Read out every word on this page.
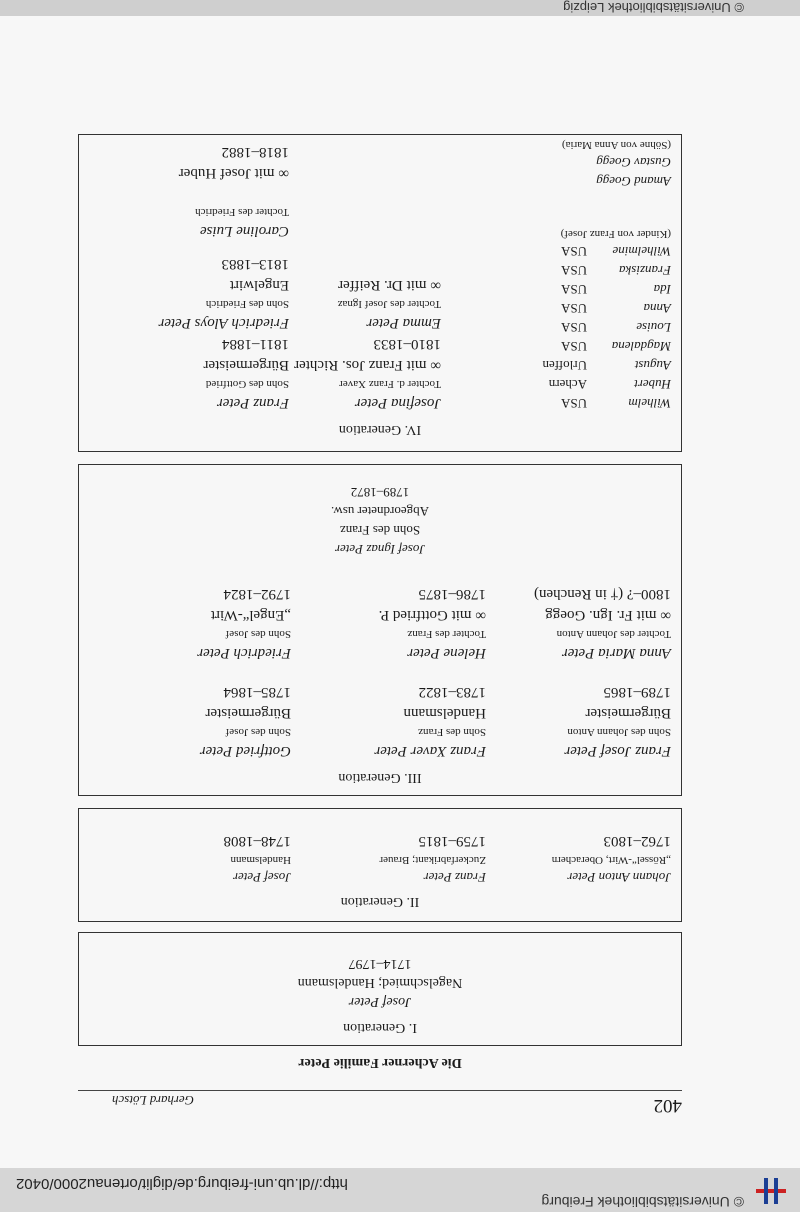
© Universitätsbibliothek Freiburg
http://dl.ub.uni-freiburg.de/diglit/ortenau2000/0402
402
Gerhard Lötsch
Die Acherner Familie Peter
I. Generation
Josef Peter
Nagelschmied; Handelsmann
1714–1797
II. Generation
Johann Anton Peter
„Rössel“-Wirt, Oberachern
1762–1803
Franz Peter
Zuckerfabrikant; Brauer
1759–1815
Josef Peter
Handelsmann
1748–1808
III. Generation
Franz Josef Peter
Sohn des Johann Anton
Bürgermeister
1789–1865
Anna Maria Peter
Tochter des Johann Anton
∞ mit Fr. Ign. Goegg
1800–? († in Renchen)
Franz Xaver Peter
Sohn des Franz
Handelsmann
1783–1822
Helene Peter
Tochter des Franz
∞ mit Gottfried P.
1786–1875
Gottfried Peter
Sohn des Josef
Bürgermeister
1785–1864
Friedrich Peter
Sohn des Josef
„Engel“-Wirt
1792–1824
Josef Ignaz Peter
Sohn des Franz
Abgeordneter usw.
1789–1872
IV. Generation
Wilhelm
USA
Hubert
Achern
August
Urloffen
Magdalena
USA
Louise
USA
Anna
USA
Ida
USA
Franziska
USA
Wilhelmine
USA
(Kinder von Franz Josef)
Amand Goegg
Gustav Goegg
(Söhne von Anna Maria)
Josefina Peter
Tochter d. Franz Xaver
∞ mit Franz Jos. Richter
1810–1833
Emma Peter
Tochter des Josef Ignaz
∞ mit Dr. Reiffer
Franz Peter
Sohn des Gottfried
Bürgermeister
1811–1884
Friedrich Aloys Peter
Sohn des Friedrich
Engelwirt
1813–1883
Caroline Luise
Tochter des Friedrich
∞ mit Josef Huber
1818–1882
© Universitätsbibliothek Leipzig
